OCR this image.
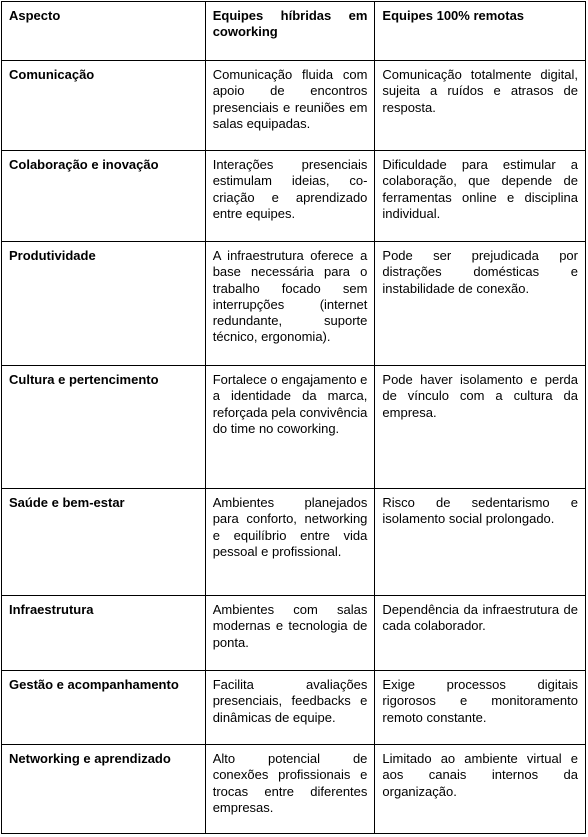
Aspecto	Equipes híbridas em coworking	Equipes 100% remotas
Comunicação	Comunicação fluida com apoio de encontros presenciais e reuniões em salas equipadas.	Comunicação totalmente digital, sujeita a ruídos e atrasos de resposta.
Colaboração e inovação	Interações presenciais estimulam ideias, co-criação e aprendizado entre equipes.	Dificuldade para estimular a colaboração, que depende de ferramentas online e disciplina individual.
Produtividade	A infraestrutura oferece a base necessária para o trabalho focado sem interrupções (internet redundante, suporte técnico, ergonomia).	Pode ser prejudicada por distrações domésticas e instabilidade de conexão.
Cultura e pertencimento	Fortalece o engajamento e a identidade da marca, reforçada pela convivência do time no coworking.	Pode haver isolamento e perda de vínculo com a cultura da empresa.
Saúde e bem-estar	Ambientes planejados para conforto, networking e equilíbrio entre vida pessoal e profissional.	Risco de sedentarismo e isolamento social prolongado.
Infraestrutura	Ambientes com salas modernas e tecnologia de ponta.	Dependência da infraestrutura de cada colaborador.
Gestão e acompanhamento	Facilita avaliações presenciais, feedbacks e dinâmicas de equipe.	Exige processos digitais rigorosos e monitoramento remoto constante.
Networking e aprendizado	Alto potencial de conexões profissionais e trocas entre diferentes empresas.	Limitado ao ambiente virtual e aos canais internos da organização.
